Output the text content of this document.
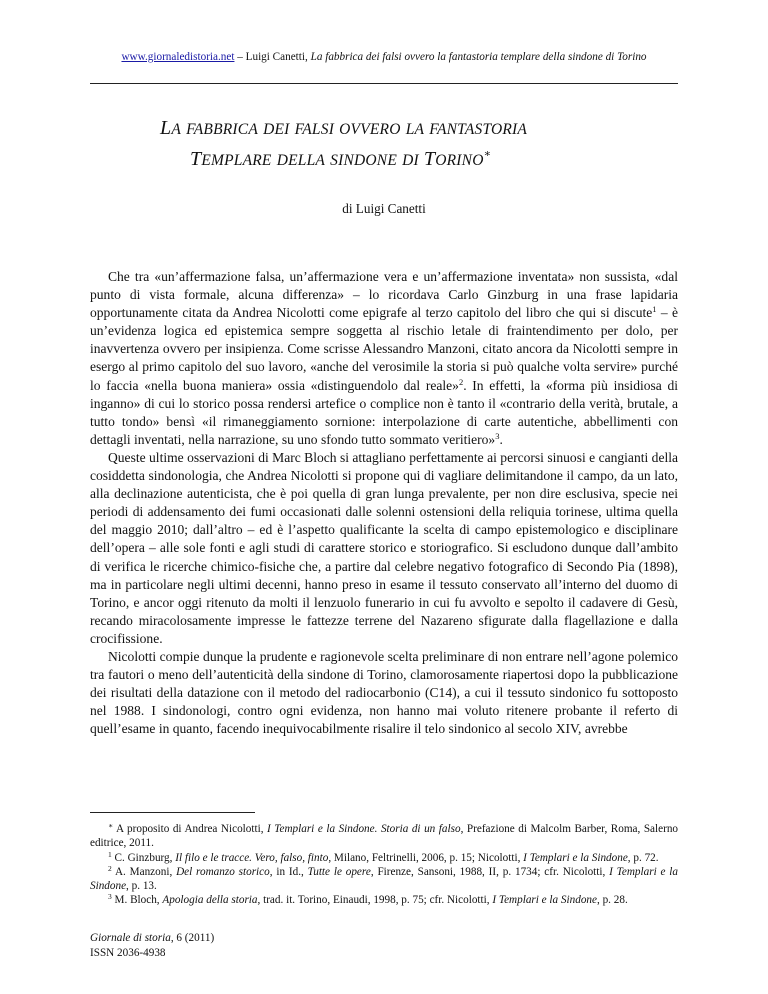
www.giornaledistoria.net – Luigi Canetti, La fabbrica dei falsi ovvero la fantastoria templare della sindone di Torino
LA FABBRICA DEI FALSI OVVERO LA FANTASTORIA
TEMPLARE DELLA SINDONE DI TORINO∗
di Luigi Canetti

Che tra «un’affermazione falsa, un’affermazione vera e un’affermazione inventata» non sussista, «dal punto di vista formale, alcuna differenza» – lo ricordava Carlo Ginzburg in una frase lapidaria opportunamente citata da Andrea Nicolotti come epigrafe al terzo capitolo del libro che qui si discute$^1$ – è un’evidenza logica ed epistemica sempre soggetta al rischio letale di fraintendimento per dolo, per inavvertenza ovvero per insipienza. Come scrisse Alessandro Manzoni, citato ancora da Nicolotti sempre in esergo al primo capitolo del suo lavoro, «anche del verosimile la storia si può qualche volta servire» purché lo faccia «nella buona maniera» ossia «distinguendolo dal reale»$^2$. In effetti, la «forma più insidiosa di inganno» di cui lo storico possa rendersi artefice o complice non è tanto il «contrario della verità, brutale, a tutto tondo» bensì «il rimaneggiamento sornione: interpolazione di carte autentiche, abbellimenti con dettagli inventati, nella narrazione, su uno sfondo tutto sommato veritiero»$^3$.

Queste ultime osservazioni di Marc Bloch si attagliano perfettamente ai percorsi sinuosi e cangianti della cosiddetta sindonologia, che Andrea Nicolotti si propone qui di vagliare delimitandone il campo, da un lato, alla declinazione autenticista, che è poi quella di gran lunga prevalente, per non dire esclusiva, specie nei periodi di addensamento dei fumi occasionati dalle solenni ostensioni della reliquia torinese, ultima quella del maggio 2010; dall’altro – ed è l’aspetto qualificante la scelta di campo epistemologico e disciplinare dell’opera – alle sole fonti e agli studi di carattere storico e storiografico. Si escludono dunque dall’ambito di verifica le ricerche chimico-fisiche che, a partire dal celebre negativo fotografico di Secondo Pia (1898), ma in particolare negli ultimi decenni, hanno preso in esame il tessuto conservato all’interno del duomo di Torino, e ancor oggi ritenuto da molti il lenzuolo funerario in cui fu avvolto e sepolto il cadavere di Gesù, recando miracolosamente impresse le fattezze terrene del Nazareno sfigurate dalla flagellazione e dalla crocifissione.

Nicolotti compie dunque la prudente e ragionevole scelta preliminare di non entrare nell’agone polemico tra fautori o meno dell’autenticità della sindone di Torino, clamorosamente riapertosi dopo la pubblicazione dei risultati della datazione con il metodo del radiocarbonio (C14), a cui il tessuto sindonico fu sottoposto nel 1988. I sindonologi, contro ogni evidenza, non hanno mai voluto ritenere probante il referto di quell’esame in quanto, facendo inequivocabilmente risalire il telo sindonico al secolo XIV, avrebbe

∗ A proposito di Andrea Nicolotti, I Templari e la Sindone. Storia di un falso, Prefazione di Malcolm Barber, Roma, Salerno editrice, 2011.

$^1$ C. Ginzburg, Il filo e le tracce. Vero, falso, finto, Milano, Feltrinelli, 2006, p. 15; Nicolotti, I Templari e la Sindone, p. 72.

$^2$ A. Manzoni, Del romanzo storico, in Id., Tutte le opere, Firenze, Sansoni, 1988, II, p. 1734; cfr. Nicolotti, I Templari e la Sindone, p. 13.

$^3$ M. Bloch, Apologia della storia, trad. it. Torino, Einaudi, 1998, p. 75; cfr. Nicolotti, I Templari e la Sindone, p. 28.

Giornale di storia, 6 (2011)
ISSN 2036-4938
